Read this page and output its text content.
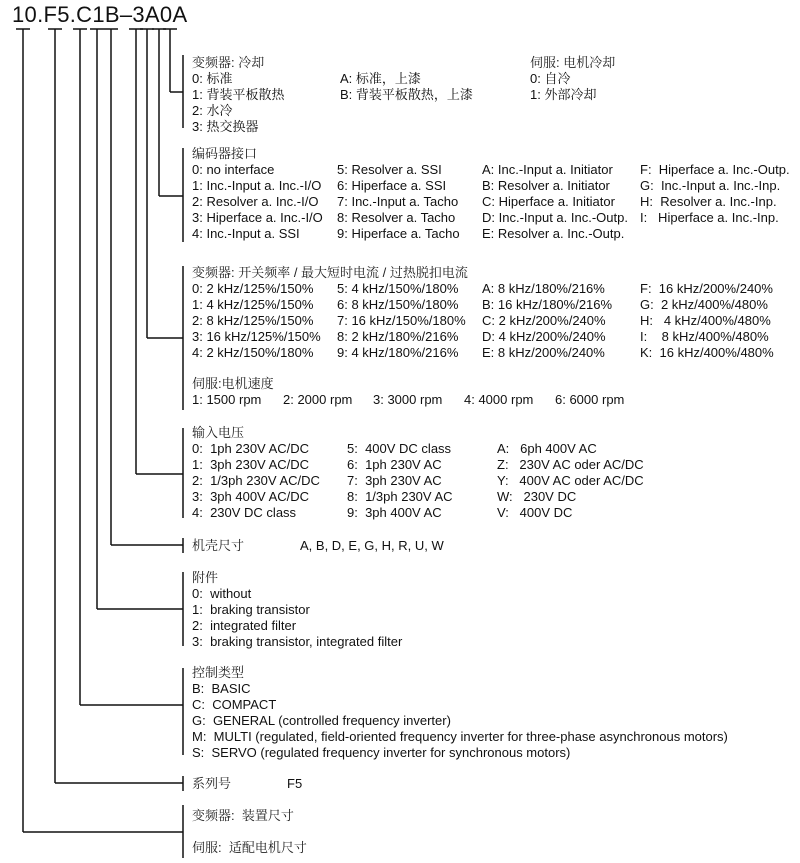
10.F5.C1B–3A0A
变频器: 冷却	伺服: 电机冷却
0: 标准
1: 背装平板散热
2: 水冷
3: 热交换器
A: 标准，上漆
B: 背装平板散热，上漆
0: 自冷
1: 外部冷却
编码器接口
0: no interface
1: Inc.-Input a. Inc.-I/O
2: Resolver a. Inc.-I/O
3: Hiperface a. Inc.-I/O
4: Inc.-Input a. SSI
5: Resolver a. SSI
6: Hiperface a. SSI
7: Inc.-Input a. Tacho
8: Resolver a. Tacho
9: Hiperface a. Tacho
A: Inc.-Input a. Initiator
B: Resolver a. Initiator
C: Hiperface a. Initiator
D: Inc.-Input a. Inc.-Outp.
E: Resolver a. Inc.-Outp.
F:  Hiperface a. Inc.-Outp.
G:  Inc.-Input a. Inc.-Inp.
H:  Resolver a. Inc.-Inp.
I:   Hiperface a. Inc.-Inp.
变频器: 开关频率 / 最大短时电流 / 过热脱扣电流
0: 2 kHz/125%/150%
1: 4 kHz/125%/150%
2: 8 kHz/125%/150%
3: 16 kHz/125%/150%
4: 2 kHz/150%/180%
5: 4 kHz/150%/180%
6: 8 kHz/150%/180%
7: 16 kHz/150%/180%
8: 2 kHz/180%/216%
9: 4 kHz/180%/216%
A: 8 kHz/180%/216%
B: 16 kHz/180%/216%
C: 2 kHz/200%/240%
D: 4 kHz/200%/240%
E: 8 kHz/200%/240%
F:  16 kHz/200%/240%
G:  2 kHz/400%/480%
H:   4 kHz/400%/480%
I:    8 kHz/400%/480%
K:  16 kHz/400%/480%
伺服:电机速度
1: 1500 rpm 2: 2000 rpm 3: 3000 rpm 4: 4000 rpm 6: 6000 rpm
输入电压
0:  1ph 230V AC/DC
1:  3ph 230V AC/DC
2:  1/3ph 230V AC/DC
3:  3ph 400V AC/DC
4:  230V DC class
5:  400V DC class
6:  1ph 230V AC
7:  3ph 230V AC
8:  1/3ph 230V AC
9:  3ph 400V AC
A:   6ph 400V AC
Z:   230V AC oder AC/DC
Y:   400V AC oder AC/DC
W:   230V DC
V:   400V DC
机壳尺寸	A, B, D, E, G, H, R, U, W
附件
0:  without
1:  braking transistor
2:  integrated filter
3:  braking transistor, integrated filter
控制类型
B:  BASIC
C:  COMPACT
G:  GENERAL (controlled frequency inverter)
M:  MULTI (regulated, field-oriented frequency inverter for three-phase asynchronous motors)
S:  SERVO (regulated frequency inverter for synchronous motors)
系列号	F5
变频器:  装置尺寸
伺服:  适配电机尺寸
